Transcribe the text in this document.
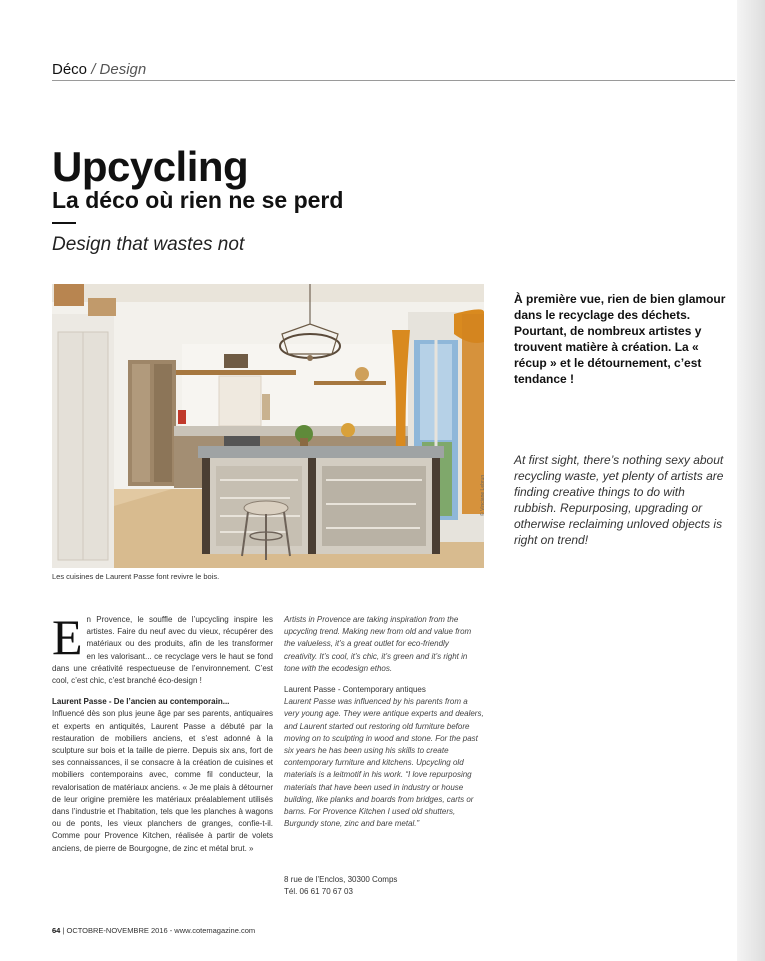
Déco / Design
Upcycling
La déco où rien ne se perd
Design that wastes not
© Vinciane Lebrun
Les cuisines de Laurent Passe font revivre le bois.

À première vue, rien de bien glamour dans le recyclage des déchets. Pourtant, de nombreux artistes y trouvent matière à création. La « récup » et le détournement, c’est tendance !

At first sight, there’s nothing sexy about recycling waste, yet plenty of artists are finding creative things to do with rubbish. Repurposing, upgrading or otherwise reclaiming unloved objects is right on trend!

En Provence, le souffle de l’upcycling inspire les artistes. Faire du neuf avec du vieux, récupérer des matériaux ou des produits, afin de les transformer en les valorisant... ce recyclage vers le haut se fond dans une créativité respectueuse de l’environnement. C’est cool, c’est chic, c’est branché éco-design !
Laurent Passe - De l’ancien au contemporain...
Influencé dès son plus jeune âge par ses parents, antiquaires et experts en antiquités, Laurent Passe a débuté par la restauration de mobiliers anciens, et s’est adonné à la sculpture sur bois et la taille de pierre. Depuis six ans, fort de ses connaissances, il se consacre à la création de cuisines et mobiliers contemporains avec, comme fil conducteur, la revalorisation de matériaux anciens. « Je me plais à détourner de leur origine première les matériaux préalablement utilisés dans l’industrie et l’habitation, tels que les planches à wagons ou de ponts, les vieux planchers de granges, confie-t-il. Comme pour Provence Kitchen, réalisée à partir de volets anciens, de pierre de Bourgogne, de zinc et métal brut. »
Artists in Provence are taking inspiration from the upcycling trend. Making new from old and value from the valueless, it’s a great outlet for eco-friendly creativity. It’s cool, it’s chic, it’s green and it’s right in tone with the ecodesign ethos.
Laurent Passe - Contemporary antiques
Laurent Passe was influenced by his parents from a very young age. They were antique experts and dealers, and Laurent started out restoring old furniture before moving on to sculpting in wood and stone. For the past six years he has been using his skills to create contemporary furniture and kitchens. Upcycling old materials is a leitmotif in his work. “I love repurposing materials that have been used in industry or house building, like planks and boards from bridges, carts or barns. For Provence Kitchen I used old shutters, Burgundy stone, zinc and bare metal.”
8 rue de l’Enclos, 30300 Comps
Tél. 06 61 70 67 03
64 | OCTOBRE-NOVEMBRE 2016 - www.cotemagazine.com
